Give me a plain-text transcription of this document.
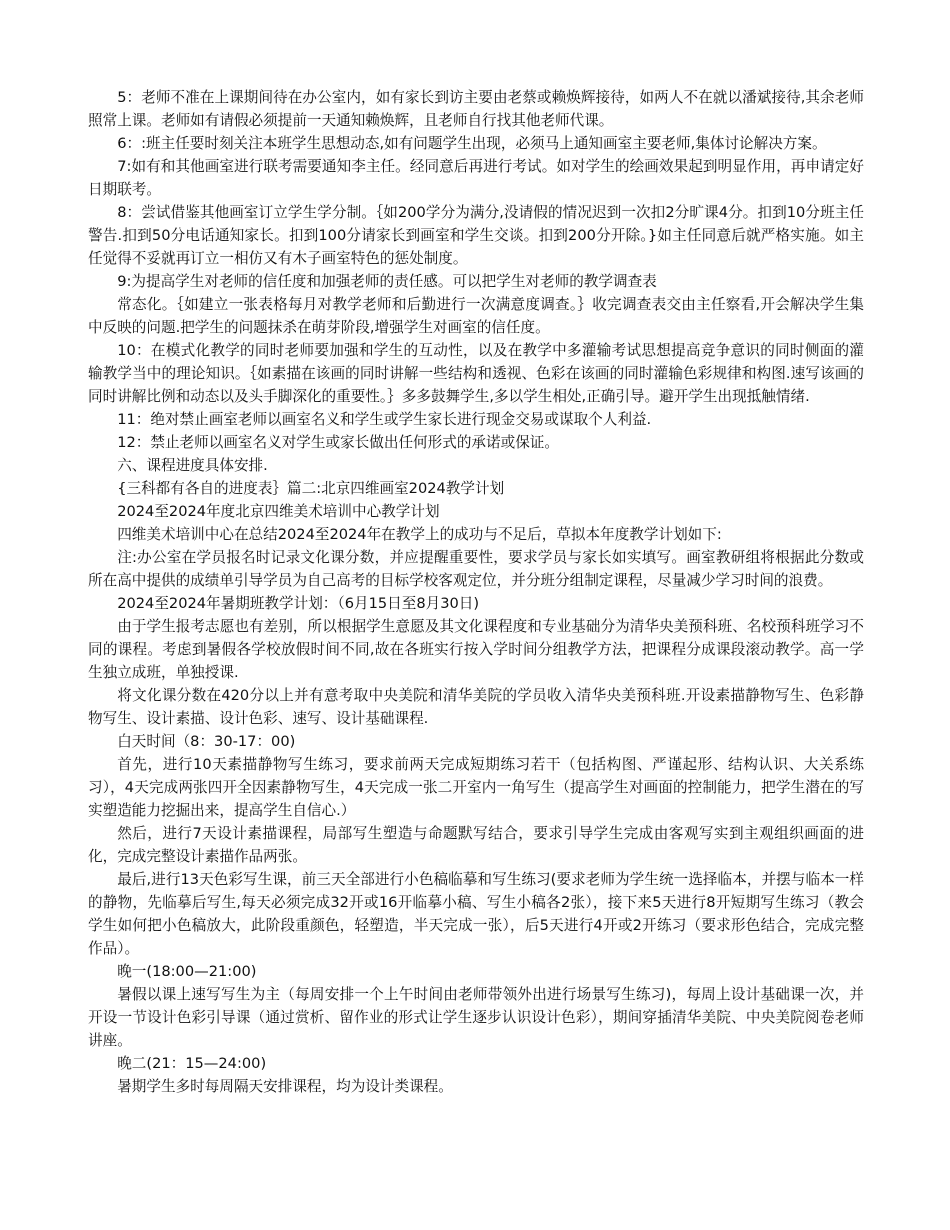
5：老师不准在上课期间待在办公室内，如有家长到访主要由老蔡或赖焕辉接待，如两人不在就以潘斌接待,其余老师照常上课。老师如有请假必须提前一天通知赖焕辉，且老师自行找其他老师代课。

6：:班主任要时刻关注本班学生思想动态,如有问题学生出现，必须马上通知画室主要老师,集体讨论解决方案。

7:如有和其他画室进行联考需要通知李主任。经同意后再进行考试。如对学生的绘画效果起到明显作用，再申请定好日期联考。

8：尝试借鉴其他画室订立学生学分制。｛如200学分为满分,没请假的情况迟到一次扣2分旷课4分。扣到10分班主任警告.扣到50分电话通知家长。扣到100分请家长到画室和学生交谈。扣到200分开除。}如主任同意后就严格实施。如主任觉得不妥就再订立一相仿又有木子画室特色的惩处制度。

9:为提高学生对老师的信任度和加强老师的责任感。可以把学生对老师的教学调查表

常态化。｛如建立一张表格每月对教学老师和后勤进行一次满意度调查。｝收完调查表交由主任察看,开会解决学生集中反映的问题.把学生的问题抹杀在萌芽阶段,增强学生对画室的信任度。

10：在模式化教学的同时老师要加强和学生的互动性，以及在教学中多灌输考试思想提高竞争意识的同时侧面的灌输教学当中的理论知识。｛如素描在该画的同时讲解一些结构和透视、色彩在该画的同时灌输色彩规律和构图.速写该画的同时讲解比例和动态以及头手脚深化的重要性。｝多多鼓舞学生,多以学生相处,正确引导。避开学生出现抵触情绪.

11：绝对禁止画室老师以画室名义和学生或学生家长进行现金交易或谋取个人利益.

12：禁止老师以画室名义对学生或家长做出任何形式的承诺或保证。

六、课程进度具体安排.

{三科都有各自的进度表｝篇二:北京四维画室2024教学计划

2024至2024年度北京四维美术培训中心教学计划

四维美术培训中心在总结2024至2024年在教学上的成功与不足后，草拟本年度教学计划如下:

注:办公室在学员报名时记录文化课分数，并应提醒重要性，要求学员与家长如实填写。画室教研组将根据此分数或所在高中提供的成绩单引导学员为自己高考的目标学校客观定位，并分班分组制定课程，尽量减少学习时间的浪费。

2024至2024年暑期班教学计划：（6月15日至8月30日)

由于学生报考志愿也有差别，所以根据学生意愿及其文化课程度和专业基础分为清华央美预科班、名校预科班学习不同的课程。考虑到暑假各学校放假时间不同,故在各班实行按入学时间分组教学方法，把课程分成课段滚动教学。高一学生独立成班，单独授课.

将文化课分数在420分以上并有意考取中央美院和清华美院的学员收入清华央美预科班.开设素描静物写生、色彩静物写生、设计素描、设计色彩、速写、设计基础课程.

白天时间（8：30-17：00)

首先，进行10天素描静物写生练习，要求前两天完成短期练习若干（包括构图、严谨起形、结构认识、大关系练习），4天完成两张四开全因素静物写生，4天完成一张二开室内一角写生（提高学生对画面的控制能力，把学生潜在的写实塑造能力挖掘出来，提高学生自信心.）

然后，进行7天设计素描课程，局部写生塑造与命题默写结合，要求引导学生完成由客观写实到主观组织画面的进化，完成完整设计素描作品两张。

最后,进行13天色彩写生课，前三天全部进行小色稿临摹和写生练习(要求老师为学生统一选择临本，并摆与临本一样的静物，先临摹后写生,每天必须完成32开或16开临摹小稿、写生小稿各2张），接下来5天进行8开短期写生练习（教会学生如何把小色稿放大，此阶段重颜色，轻塑造，半天完成一张），后5天进行4开或2开练习（要求形色结合，完成完整作品）。

晚一(18:00—21:00)

暑假以课上速写写生为主（每周安排一个上午时间由老师带领外出进行场景写生练习)，每周上设计基础课一次，并开设一节设计色彩引导课（通过赏析、留作业的形式让学生逐步认识设计色彩），期间穿插清华美院、中央美院阅卷老师讲座。

晚二(21：15—24:00)

暑期学生多时每周隔天安排课程，均为设计类课程。
